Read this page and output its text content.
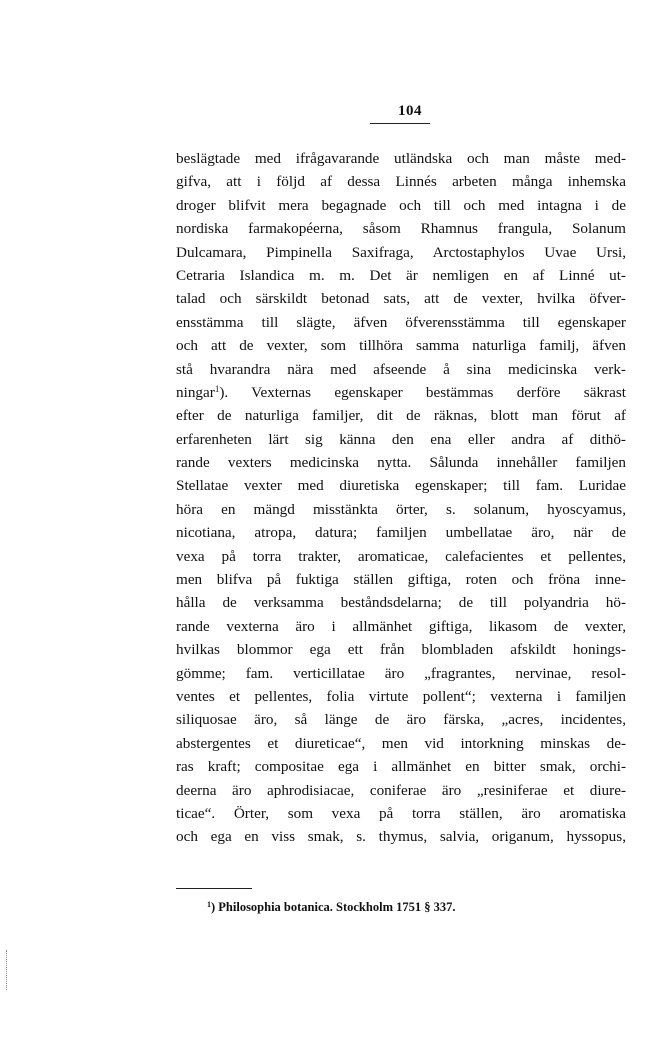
104
beslägtade med ifrågavarande utländska och man måste med-
gifva, att i följd af dessa Linnés arbeten många inhemska
droger blifvit mera begagnade och till och med intagna i de
nordiska farmakopéerna, såsom Rhamnus frangula, Solanum
Dulcamara, Pimpinella Saxifraga, Arctostaphylos Uvae Ursi,
Cetraria Islandica m. m. Det är nemligen en af Linné ut-
talad och särskildt betonad sats, att de vexter, hvilka öfver-
ensstämma till slägte, äfven öfverensstämma till egenskaper
och att de vexter, som tillhöra samma naturliga familj, äfven
stå hvarandra nära med afseende å sina medicinska verk-
ningar$^1$). Vexternas egenskaper bestämmas derföre säkrast
efter de naturliga familjer, dit de räknas, blott man förut af
erfarenheten lärt sig känna den ena eller andra af dithö-
rande vexters medicinska nytta. Sålunda innehåller familjen
Stellatae vexter med diuretiska egenskaper; till fam. Luridae
höra en mängd misstänkta örter, s. solanum, hyoscyamus,
nicotiana, atropa, datura; familjen umbellatae äro, när de
vexa på torra trakter, aromaticae, calefacientes et pellentes,
men blifva på fuktiga ställen giftiga, roten och fröna inne-
hålla de verksamma beståndsdelarna; de till polyandria hö-
rande vexterna äro i allmänhet giftiga, likasom de vexter,
hvilkas blommor ega ett från blombladen afskildt honings-
gömme; fam. verticillatae äro „fragrantes, nervinae, resol-
ventes et pellentes, folia virtute pollent“; vexterna i familjen
siliquosae äro, så länge de äro färska, „acres, incidentes,
abstergentes et diureticae“, men vid intorkning minskas de-
ras kraft; compositae ega i allmänhet en bitter smak, orchi-
deerna äro aphrodisiacae, coniferae äro „resiniferae et diure-
ticae“. Örter, som vexa på torra ställen, äro aromatiska
och ega en viss smak, s. thymus, salvia, origanum, hyssopus,
$^1$) Philosophia botanica. Stockholm 1751 § 337.
